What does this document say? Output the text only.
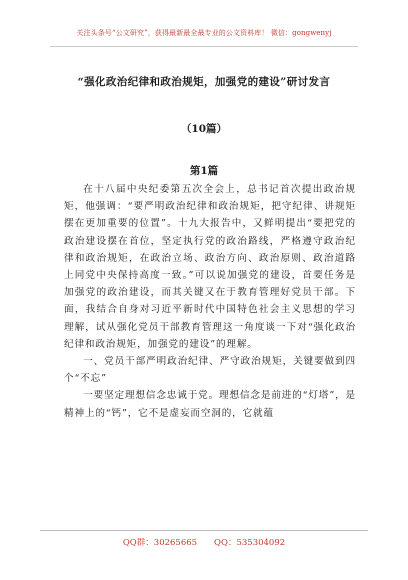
关注头条号“公文研究”，获得最新最全最专业的公文资料库！ 微信：gongwenyj
“强化政治纪律和政治规矩，加强党的建设”研讨发言
（10篇）
第1篇

在十八届中央纪委第五次全会上，总书记首次提出政治规矩，他强调：“要严明政治纪律和政治规矩，把守纪律、讲规矩摆在更加重要的位置”。十九大报告中，又鲜明提出“要把党的政治建设摆在首位，坚定执行党的政治路线，严格遵守政治纪律和政治规矩，在政治立场、政治方向、政治原则、政治道路上同党中央保持高度一致。”可以说加强党的建设，首要任务是加强党的政治建设，而其关键又在于教育管理好党员干部。下面，我结合自身对习近平新时代中国特色社会主义思想的学习理解，试从强化党员干部教育管理这一角度谈一下对“强化政治纪律和政治规矩，加强党的建设”的理解。

一、党员干部严明政治纪律、严守政治规矩，关键要做到四个“不忘”

一要坚定理想信念忠诚于党。理想信念是前进的“灯塔”，是精神上的“钙”，它不是虚妄而空洞的，它就蕴

QQ群：30265665　　QQ：535304092
